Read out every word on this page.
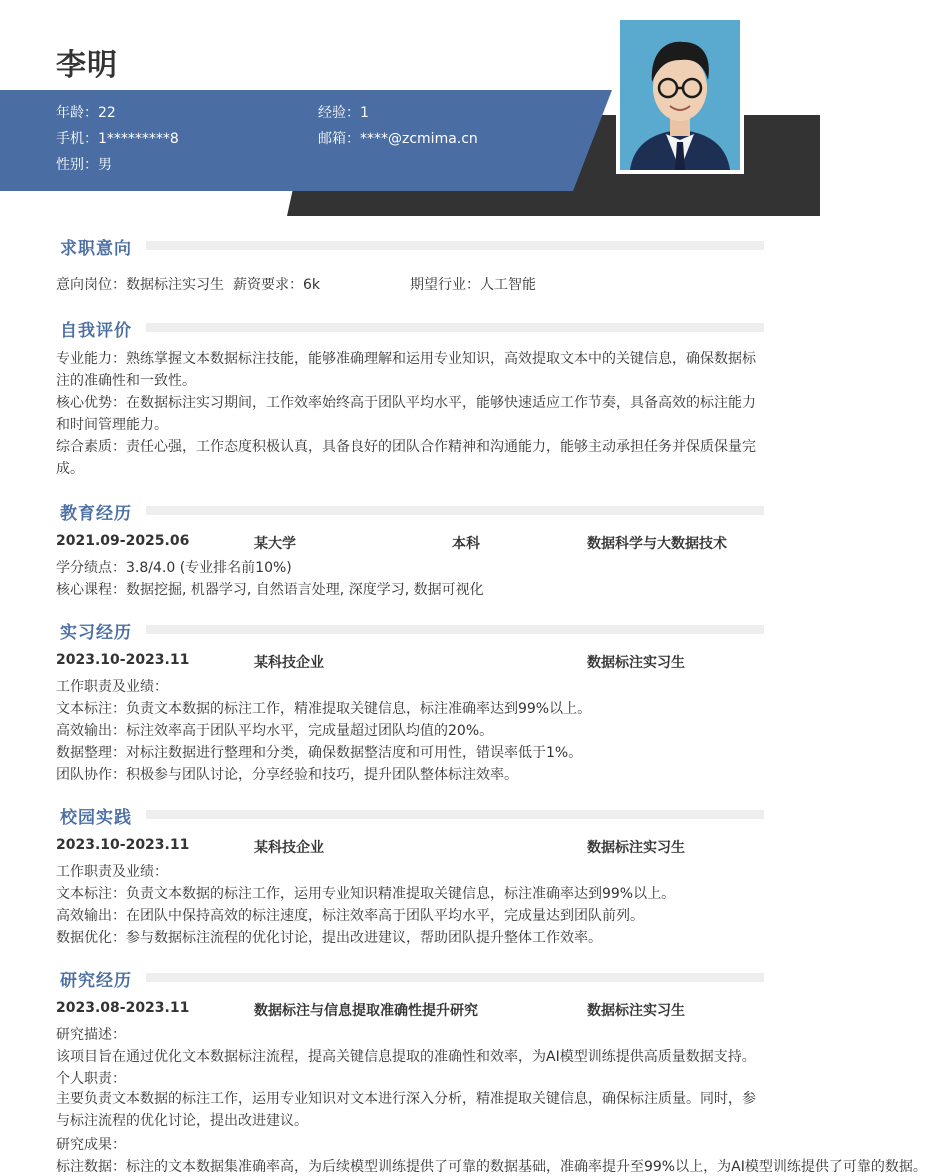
李明
年龄：22	经验：1
手机：1*********8	邮箱：****@zcmima.cn
性别：男
求职意向
意向岗位：数据标注实习生 薪资要求：6k	期望行业：人工智能
自我评价
专业能力：熟练掌握文本数据标注技能，能够准确理解和运用专业知识，高效提取文本中的关键信息，确保数据标注的准确性和一致性。
核心优势：在数据标注实习期间，工作效率始终高于团队平均水平，能够快速适应工作节奏，具备高效的标注能力和时间管理能力。
综合素质：责任心强，工作态度积极认真，具备良好的团队合作精神和沟通能力，能够主动承担任务并保质保量完成。
教育经历
2021.09-2025.06	某大学	本科	数据科学与大数据技术
学分绩点：3.8/4.0 (专业排名前10%)
核心课程：数据挖掘, 机器学习, 自然语言处理, 深度学习, 数据可视化
实习经历
2023.10-2023.11	某科技企业	数据标注实习生
工作职责及业绩：
文本标注：负责文本数据的标注工作，精准提取关键信息，标注准确率达到99%以上。
高效输出：标注效率高于团队平均水平，完成量超过团队均值的20%。
数据整理：对标注数据进行整理和分类，确保数据整洁度和可用性，错误率低于1%。
团队协作：积极参与团队讨论，分享经验和技巧，提升团队整体标注效率。
校园实践
2023.10-2023.11	某科技企业	数据标注实习生
工作职责及业绩：
文本标注：负责文本数据的标注工作，运用专业知识精准提取关键信息，标注准确率达到99%以上。
高效输出：在团队中保持高效的标注速度，标注效率高于团队平均水平，完成量达到团队前列。
数据优化：参与数据标注流程的优化讨论，提出改进建议，帮助团队提升整体工作效率。
研究经历
2023.08-2023.11	数据标注与信息提取准确性提升研究	数据标注实习生
研究描述：
该项目旨在通过优化文本数据标注流程，提高关键信息提取的准确性和效率，为AI模型训练提供高质量数据支持。
个人职责：
主要负责文本数据的标注工作，运用专业知识对文本进行深入分析，精准提取关键信息，确保标注质量。同时，参与标注流程的优化讨论，提出改进建议。
研究成果：
标注数据：标注的文本数据集准确率高，为后续模型训练提供了可靠的数据基础，准确率提升至99%以上，为AI模型训练提供了可靠的数据。
